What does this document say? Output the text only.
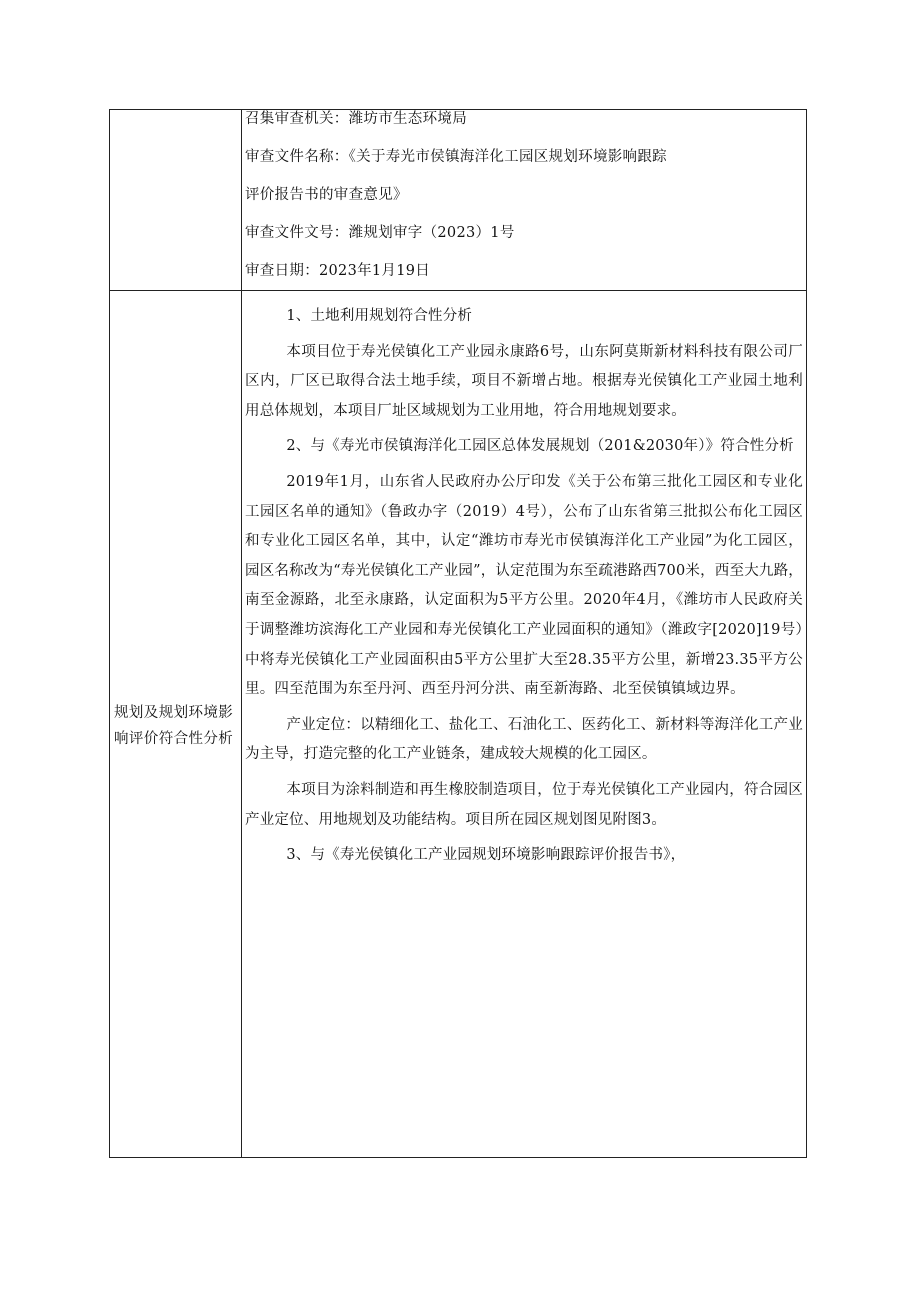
召集审查机关：潍坊市生态环境局
审查文件名称：《关于寿光市侯镇海洋化工园区规划环境影响跟踪
评价报告书的审查意见》
审查文件文号：潍规划审字（2023）1号
审查日期：2023年1月19日
规划及规划环境影响评价符合性分析

1、土地利用规划符合性分析

本项目位于寿光侯镇化工产业园永康路6号，山东阿莫斯新材料科技有限公司厂区内，厂区已取得合法土地手续，项目不新增占地。根据寿光侯镇化工产业园土地利用总体规划，本项目厂址区域规划为工业用地，符合用地规划要求。

2、与《寿光市侯镇海洋化工园区总体发展规划（201&2030年）》符合性分析

2019年1月，山东省人民政府办公厅印发《关于公布第三批化工园区和专业化工园区名单的通知》（鲁政办字（2019）4号），公布了山东省第三批拟公布化工园区和专业化工园区名单，其中，认定“潍坊市寿光市侯镇海洋化工产业园”为化工园区，园区名称改为“寿光侯镇化工产业园”，认定范围为东至疏港路西700米，西至大九路，南至金源路，北至永康路，认定面积为5平方公里。2020年4月，《潍坊市人民政府关于调整潍坊滨海化工产业园和寿光侯镇化工产业园面积的通知》（潍政字[2020]19号）中将寿光侯镇化工产业园面积由5平方公里扩大至28.35平方公里，新增23.35平方公里。四至范围为东至丹河、西至丹河分洪、南至新海路、北至侯镇镇域边界。

产业定位：以精细化工、盐化工、石油化工、医药化工、新材料等海洋化工产业为主导，打造完整的化工产业链条，建成较大规模的化工园区。

本项目为涂料制造和再生橡胶制造项目，位于寿光侯镇化工产业园内，符合园区产业定位、用地规划及功能结构。项目所在园区规划图见附图3。

3、与《寿光侯镇化工产业园规划环境影响跟踪评价报告书》，
